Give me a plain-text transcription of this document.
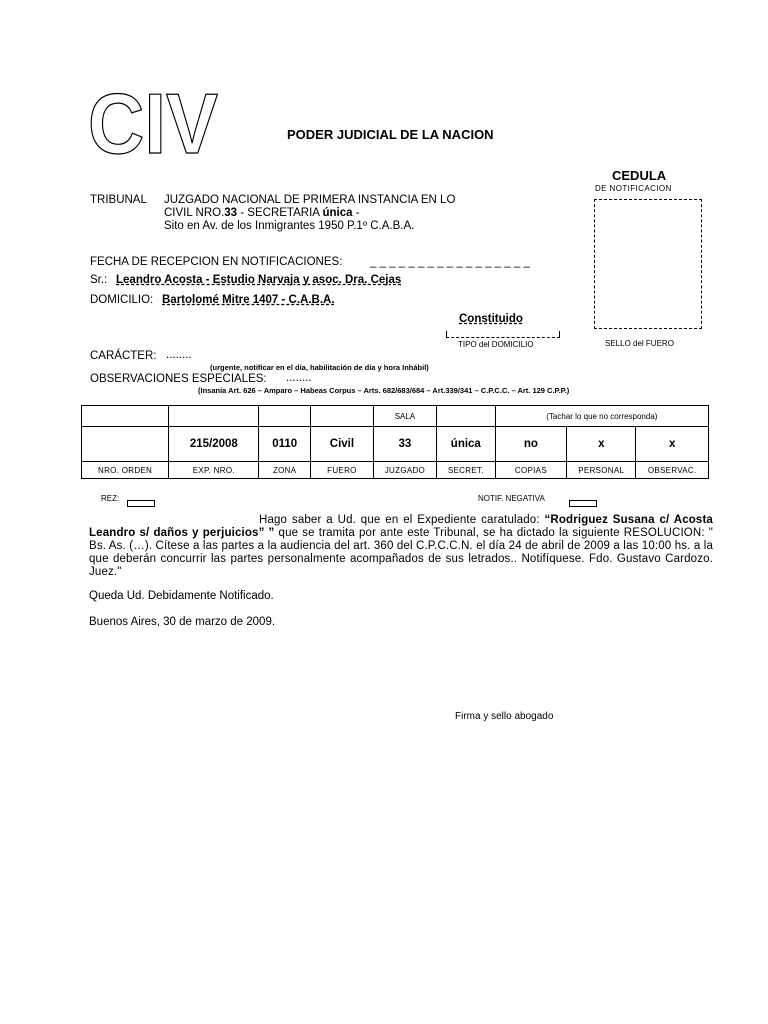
CIV	PODER JUDICIAL DE LA NACION
CEDULA
DE NOTIFICACION
SELLO del FUERO
TRIBUNAL JUZGADO NACIONAL DE PRIMERA INSTANCIA EN LO
CIVIL NRO.33 - SECRETARIA única -
Sito en Av. de los Inmigrantes 1950 P.1º C.A.B.A.
FECHA DE RECEPCION EN NOTIFICACIONES: _ _ _ _ _ _ _ _ _ _ _ _ _ _ _ _ _
Sr.: Leandro Acosta - Estudio Narvaja y asoc. Dra. Cejas
DOMICILIO: Bartolomé Mitre 1407 - C.A.B.A.
Constituido
TIPO del DOMICILIO
CARÁCTER: ........
(urgente, notificar en el día, habilitación de día y hora Inhábil)
OBSERVACIONES ESPECIALES: ........
(Insania Art. 626 – Amparo – Habeas Corpus – Arts. 682/683/684 – Art.339/341 – C.P.C.C. – Art. 129 C.P.P.)
				SALA		(Tachar lo que no corresponda)		
	215/2008	0110	Civil	33	única	no	x	x
NRO. ORDEN	EXP. NRO.	ZONA	FUERO	JUZGADO	SECRET.	COPIAS	PERSONAL	OBSERVAC.
REZ:	NOTIF. NEGATIVA
Hago saber a Ud. que en el Expediente caratulado: “Rodriguez Susana c/ Acosta Leandro s/ daños y perjuicios” ” que se tramita por ante este Tribunal, se ha dictado la siguiente RESOLUCION: " Bs. As. (…). Cítese a las partes a la audiencia del art. 360 del C.P.C.C.N. el día 24 de abril de 2009 a las 10:00 hs. a la que deberán concurrir las partes personalmente acompañados de sus letrados.. Notifíquese. Fdo. Gustavo Cardozo. Juez."
Queda Ud. Debidamente Notificado.
Buenos Aires, 30 de marzo de 2009.
Firma y sello abogado
